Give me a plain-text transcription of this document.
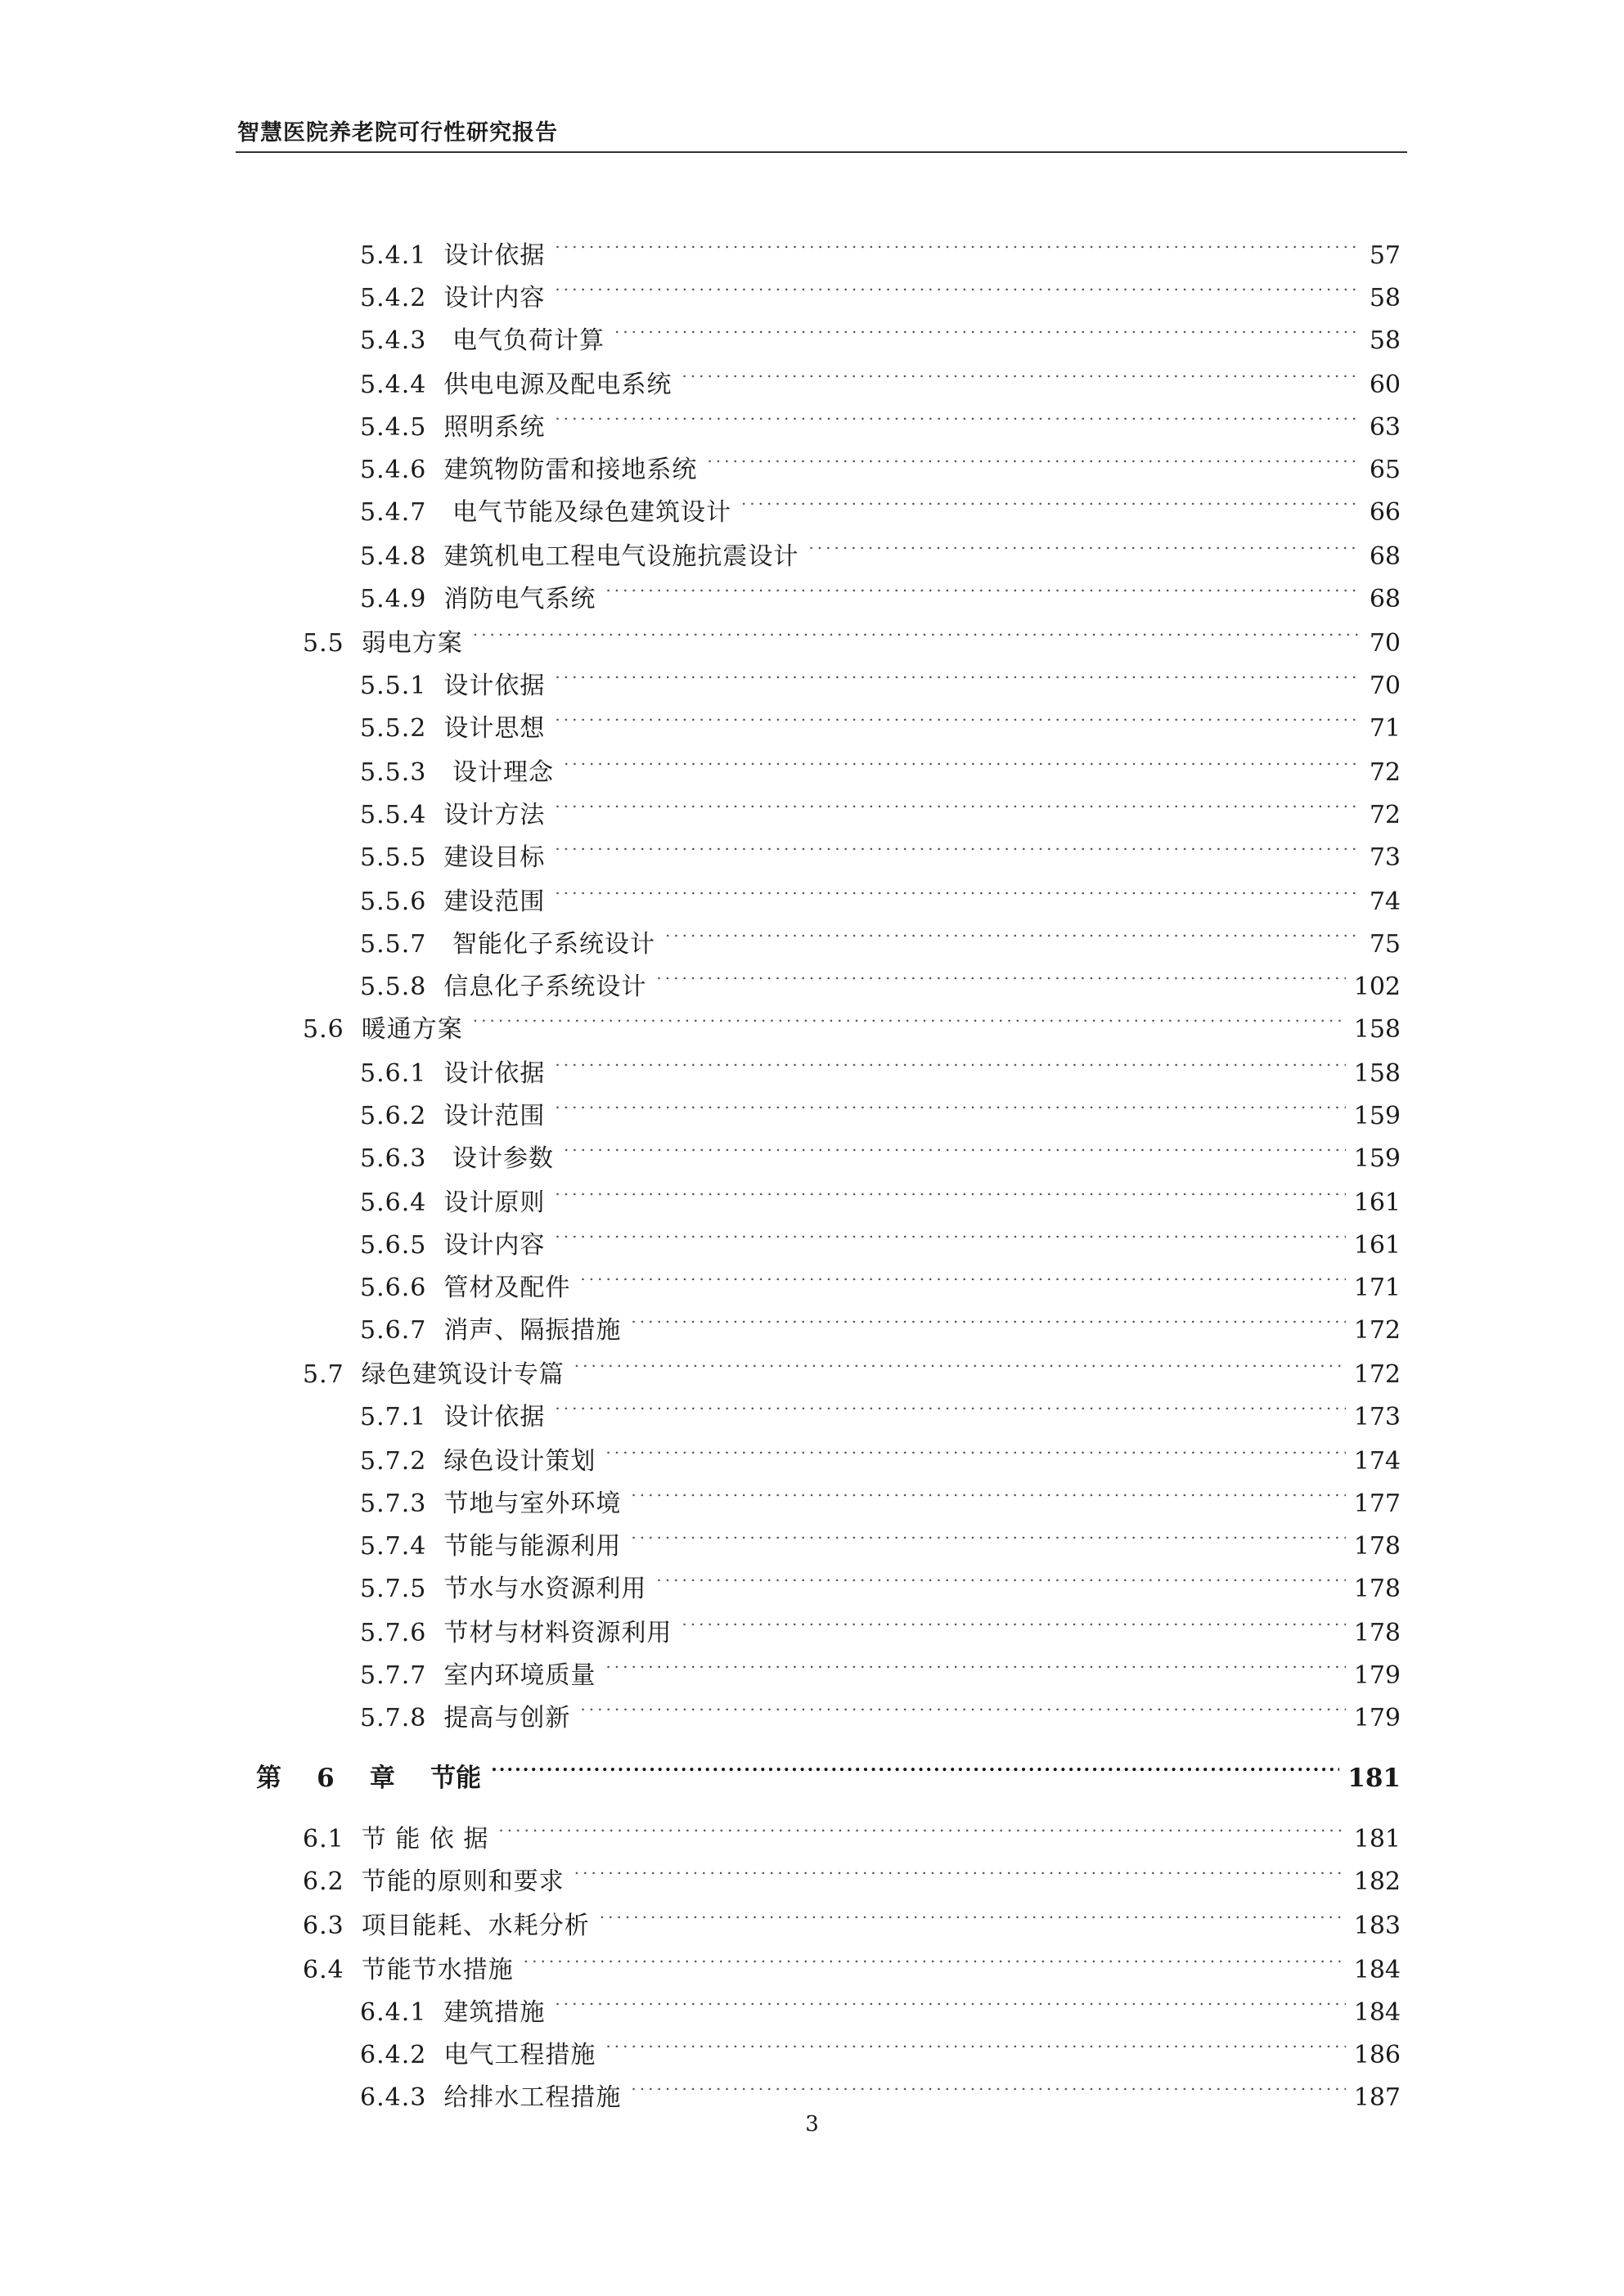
智慧医院养老院可行性研究报告
5.4.1  设计依据 .....	57
5.4.2  设计内容 .....	58
5.4.3   电气负荷计算 .....	58
5.4.4  供电电源及配电系统 .....	60
5.4.5  照明系统 .....	63
5.4.6  建筑物防雷和接地系统 .....	65
5.4.7   电气节能及绿色建筑设计 .....	66
5.4.8  建筑机电工程电气设施抗震设计 .....	68
5.4.9  消防电气系统 .....	68
5.5  弱电方案 .....	70
5.5.1  设计依据 .....	70
5.5.2  设计思想 .....	71
5.5.3   设计理念 .....	72
5.5.4  设计方法 .....	72
5.5.5  建设目标 .....	73
5.5.6  建设范围 .....	74
5.5.7   智能化子系统设计 .....	75
5.5.8  信息化子系统设计 .....	102
5.6  暖通方案 .....	158
5.6.1  设计依据 .....	158
5.6.2  设计范围 .....	159
5.6.3   设计参数 .....	159
5.6.4  设计原则 .....	161
5.6.5  设计内容 .....	161
5.6.6  管材及配件 .....	171
5.6.7  消声、隔振措施 .....	172
5.7  绿色建筑设计专篇 .....	172
5.7.1  设计依据 .....	173
5.7.2  绿色设计策划 .....	174
5.7.3  节地与室外环境 .....	177
5.7.4  节能与能源利用 .....	178
5.7.5  节水与水资源利用 .....	178
5.7.6  节材与材料资源利用 .....	178
5.7.7  室内环境质量 .....	179
5.7.8  提高与创新 .....	179
第    6    章    节能 .....	181
6.1  节 能 依 据 .....	181
6.2  节能的原则和要求 .....	182
6.3  项目能耗、水耗分析 .....	183
6.4  节能节水措施 .....	184
6.4.1  建筑措施 .....	184
6.4.2  电气工程措施 .....	186
6.4.3  给排水工程措施 .....	187
3
